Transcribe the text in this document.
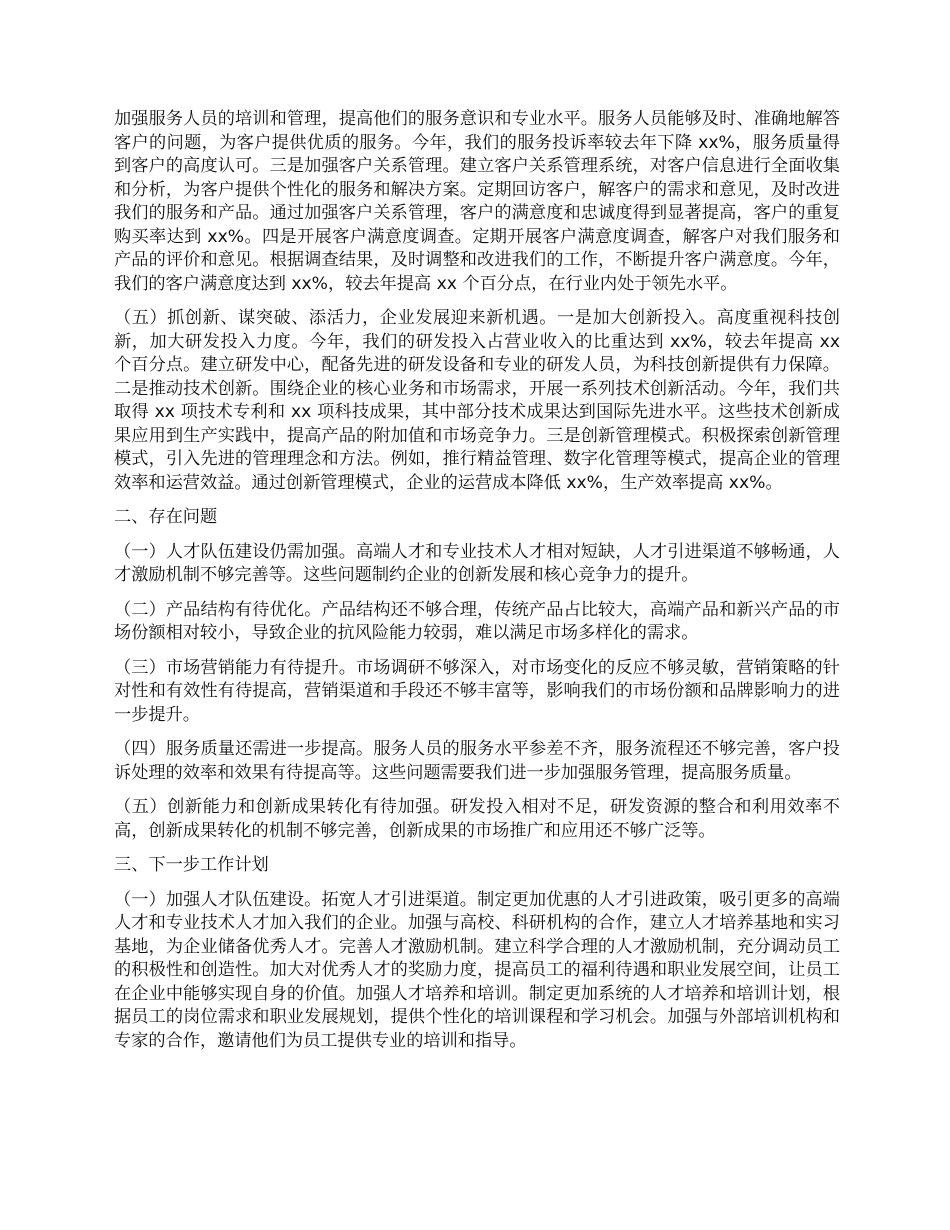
加强服务人员的培训和管理，提高他们的服务意识和专业水平。服务人员能够及时、准确地解答客户的问题，为客户提供优质的服务。今年，我们的服务投诉率较去年下降 xx%，服务质量得到客户的高度认可。三是加强客户关系管理。建立客户关系管理系统，对客户信息进行全面收集和分析，为客户提供个性化的服务和解决方案。定期回访客户，解客户的需求和意见，及时改进我们的服务和产品。通过加强客户关系管理，客户的满意度和忠诚度得到显著提高，客户的重复购买率达到 xx%。四是开展客户满意度调查。定期开展客户满意度调查，解客户对我们服务和产品的评价和意见。根据调查结果，及时调整和改进我们的工作，不断提升客户满意度。今年，我们的客户满意度达到 xx%，较去年提高 xx 个百分点，在行业内处于领先水平。

（五）抓创新、谋突破、添活力，企业发展迎来新机遇。一是加大创新投入。高度重视科技创新，加大研发投入力度。今年，我们的研发投入占营业收入的比重达到 xx%，较去年提高 xx 个百分点。建立研发中心，配备先进的研发设备和专业的研发人员，为科技创新提供有力保障。二是推动技术创新。围绕企业的核心业务和市场需求，开展一系列技术创新活动。今年，我们共取得 xx 项技术专利和 xx 项科技成果，其中部分技术成果达到国际先进水平。这些技术创新成果应用到生产实践中，提高产品的附加值和市场竞争力。三是创新管理模式。积极探索创新管理模式，引入先进的管理理念和方法。例如，推行精益管理、数字化管理等模式，提高企业的管理效率和运营效益。通过创新管理模式，企业的运营成本降低 xx%，生产效率提高 xx%。

二、存在问题

（一）人才队伍建设仍需加强。高端人才和专业技术人才相对短缺，人才引进渠道不够畅通，人才激励机制不够完善等。这些问题制约企业的创新发展和核心竞争力的提升。

（二）产品结构有待优化。产品结构还不够合理，传统产品占比较大，高端产品和新兴产品的市场份额相对较小，导致企业的抗风险能力较弱，难以满足市场多样化的需求。

（三）市场营销能力有待提升。市场调研不够深入，对市场变化的反应不够灵敏，营销策略的针对性和有效性有待提高，营销渠道和手段还不够丰富等，影响我们的市场份额和品牌影响力的进一步提升。

（四）服务质量还需进一步提高。服务人员的服务水平参差不齐，服务流程还不够完善，客户投诉处理的效率和效果有待提高等。这些问题需要我们进一步加强服务管理，提高服务质量。

（五）创新能力和创新成果转化有待加强。研发投入相对不足，研发资源的整合和利用效率不高，创新成果转化的机制不够完善，创新成果的市场推广和应用还不够广泛等。

三、下一步工作计划

（一）加强人才队伍建设。拓宽人才引进渠道。制定更加优惠的人才引进政策，吸引更多的高端人才和专业技术人才加入我们的企业。加强与高校、科研机构的合作，建立人才培养基地和实习基地，为企业储备优秀人才。完善人才激励机制。建立科学合理的人才激励机制，充分调动员工的积极性和创造性。加大对优秀人才的奖励力度，提高员工的福利待遇和职业发展空间，让员工在企业中能够实现自身的价值。加强人才培养和培训。制定更加系统的人才培养和培训计划，根据员工的岗位需求和职业发展规划，提供个性化的培训课程和学习机会。加强与外部培训机构和专家的合作，邀请他们为员工提供专业的培训和指导。
